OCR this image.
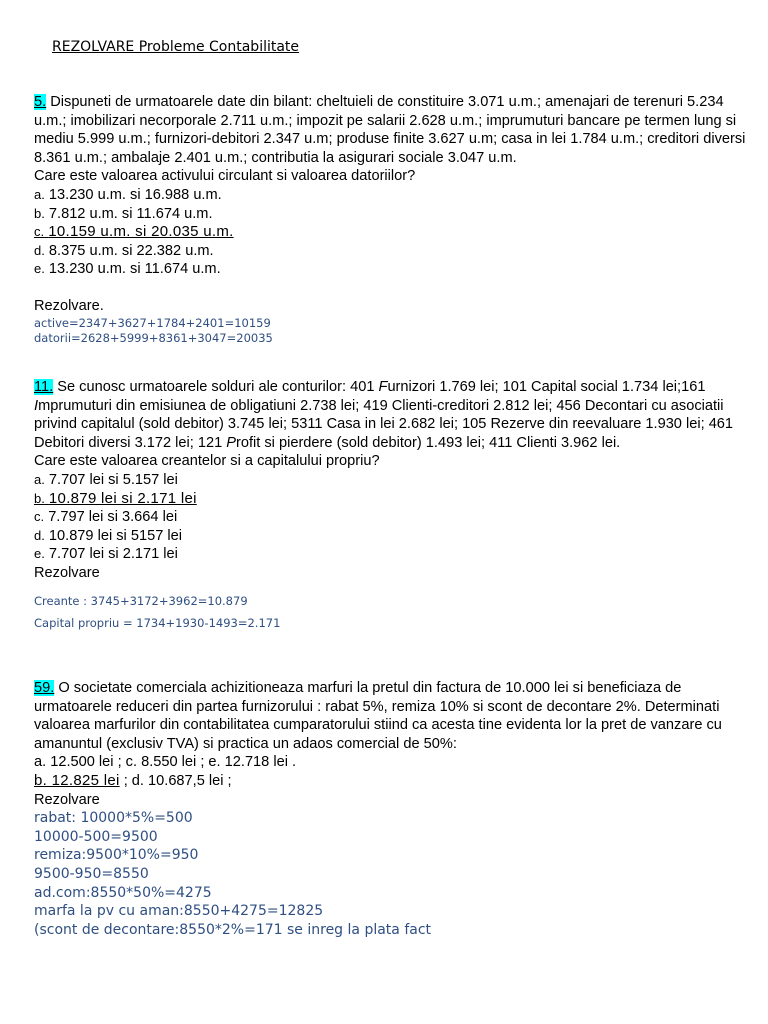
REZOLVARE Probleme Contabilitate

5. Dispuneti de urmatoarele date din bilant: cheltuieli de constituire 3.071 u.m.; amenajari de terenuri 5.234 u.m.; imobilizari necorporale 2.711 u.m.; impozit pe salarii 2.628 u.m.; imprumuturi bancare pe termen lung si mediu 5.999 u.m.; furnizori-debitori 2.347 u.m; produse finite 3.627 u.m; casa in lei 1.784 u.m.; creditori diversi 8.361 u.m.; ambalaje 2.401 u.m.; contributia la asigurari sociale 3.047 u.m.

Care este valoarea activului circulant si valoarea datoriilor?

a. 13.230 u.m. si 16.988 u.m.

b. 7.812 u.m. si 11.674 u.m.

c. 10.159 u.m. si 20.035 u.m.

d. 8.375 u.m. si 22.382 u.m.

e. 13.230 u.m. si 11.674 u.m.

Rezolvare.

active=2347+3627+1784+2401=10159
datorii=2628+5999+8361+3047=20035

11. Se cunosc urmatoarele solduri ale conturilor: 401 Furnizori 1.769 lei; 101 Capital social 1.734 lei;161 Imprumuturi din emisiunea de obligatiuni 2.738 lei; 419 Clienti-creditori 2.812 lei; 456 Decontari cu asociatii privind capitalul (sold debitor) 3.745 lei; 5311 Casa in lei 2.682 lei; 105 Rezerve din reevaluare 1.930 lei; 461 Debitori diversi 3.172 lei; 121 Profit si pierdere (sold debitor) 1.493 lei; 411 Clienti 3.962 lei.

Care este valoarea creantelor si a capitalului propriu?

a. 7.707 lei si 5.157 lei

b. 10.879 lei si 2.171 lei

c. 7.797 lei si 3.664 lei

d. 10.879 lei si 5157 lei

e. 7.707 lei si 2.171 lei

Rezolvare

Creante : 3745+3172+3962=10.879
Capital propriu = 1734+1930-1493=2.171

59. O societate comerciala achizitioneaza marfuri la pretul din factura de 10.000 lei si beneficiaza de urmatoarele reduceri din partea furnizorului : rabat 5%, remiza 10% si scont de decontare 2%. Determinati valoarea marfurilor din contabilitatea cumparatorului stiind ca acesta tine evidenta lor la pret de vanzare cu amanuntul (exclusiv TVA) si practica un adaos comercial de 50%:

a. 12.500 lei ; c. 8.550 lei ; e. 12.718 lei .

b. 12.825 lei ; d. 10.687,5 lei ;

Rezolvare

rabat: 10000*5%=500
10000-500=9500
remiza:9500*10%=950
9500-950=8550
ad.com:8550*50%=4275
marfa la pv cu aman:8550+4275=12825
(scont de decontare:8550*2%=171 se inreg la plata fact
